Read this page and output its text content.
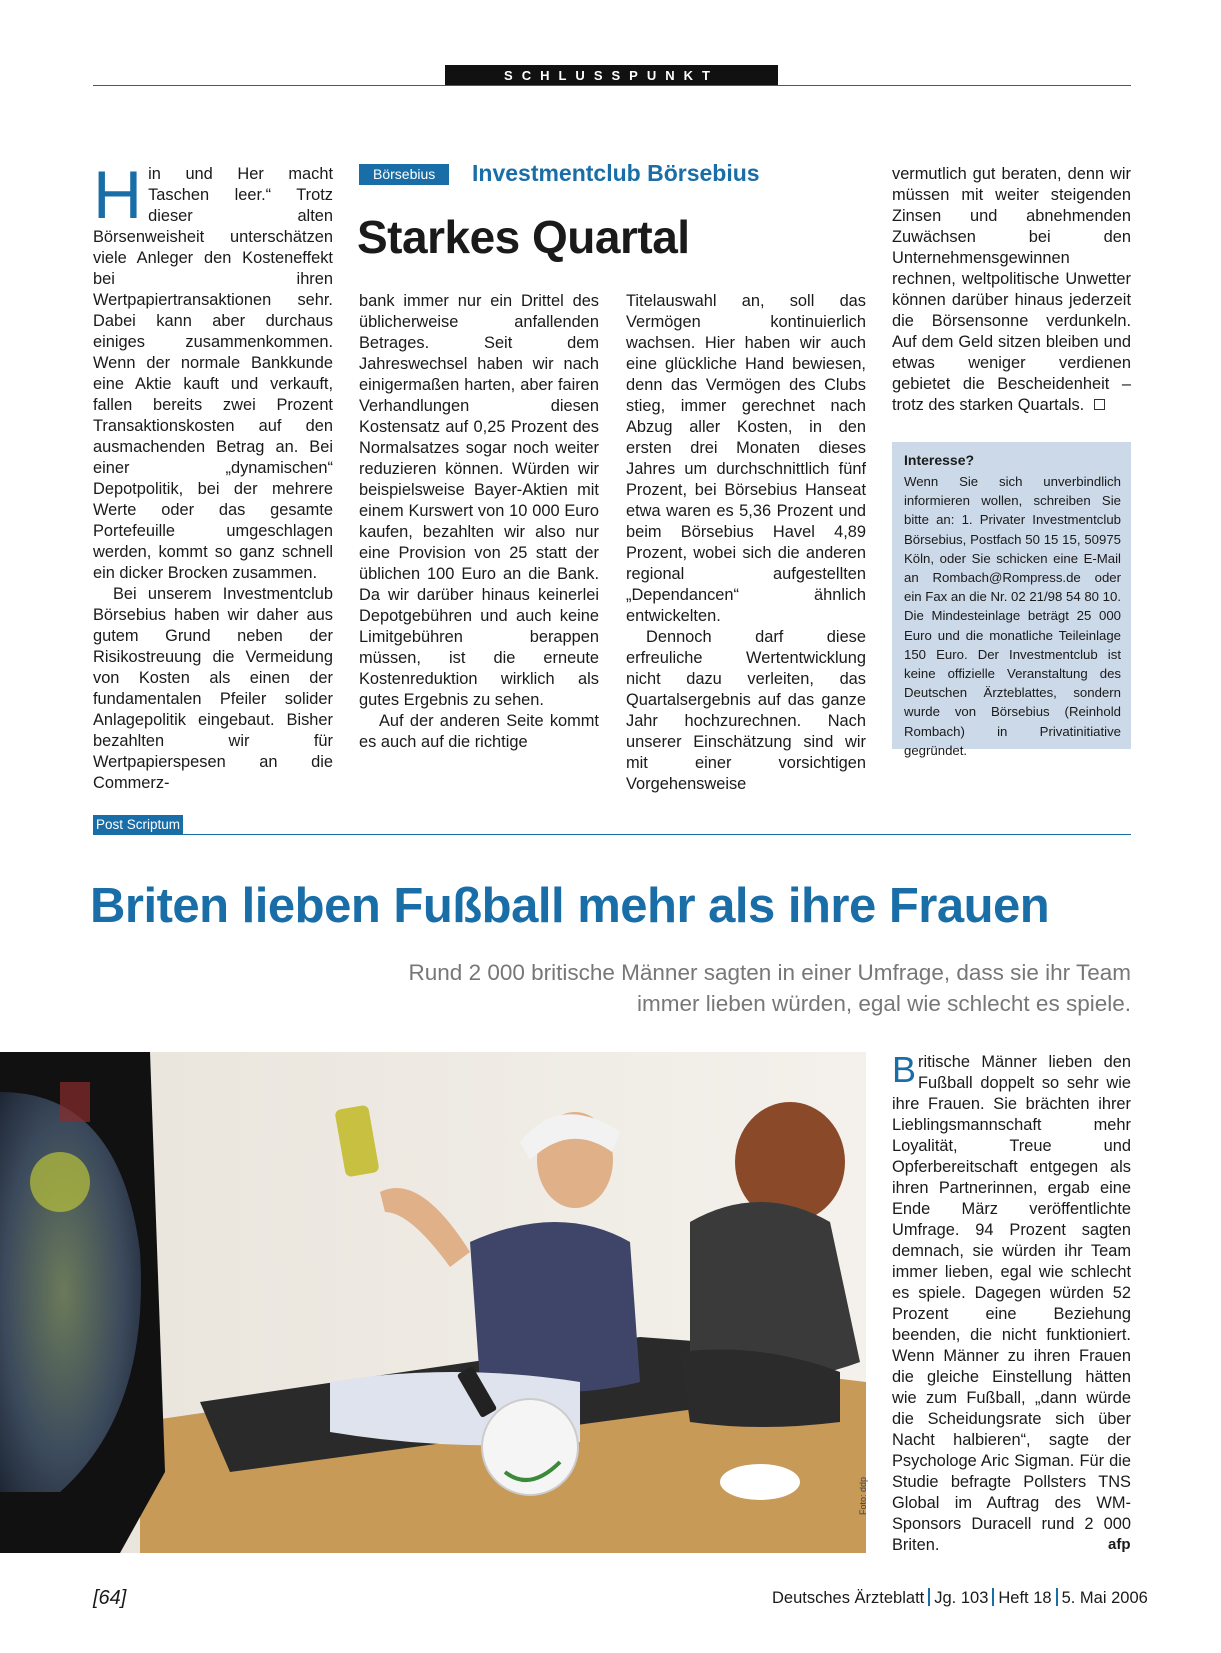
SCHLUSSPUNKT

Hin und Her macht Taschen leer.“ Trotz dieser alten Börsenweisheit unterschätzen viele Anleger den Kosteneffekt bei ihren Wertpapiertransaktionen sehr. Dabei kann aber durchaus einiges zusammenkommen. Wenn der normale Bankkunde eine Aktie kauft und verkauft, fallen bereits zwei Prozent Transaktionskosten auf den ausmachenden Betrag an. Bei einer „dynamischen“ Depotpolitik, bei der mehrere Werte oder das gesamte Portefeuille umgeschlagen werden, kommt so ganz schnell ein dicker Brocken zusammen.

Bei unserem Investmentclub Börsebius haben wir daher aus gutem Grund neben der Risikostreuung die Vermeidung von Kosten als einen der fundamentalen Pfeiler solider Anlagepolitik eingebaut. Bisher bezahlten wir für Wertpapierspesen an die Commerz-

Börsebius	Investmentclub Börsebius
Starkes Quartal

bank immer nur ein Drittel des üblicherweise anfallenden Betrages. Seit dem Jahreswechsel haben wir nach einigermaßen harten, aber fairen Verhandlungen diesen Kostensatz auf 0,25 Prozent des Normalsatzes sogar noch weiter reduzieren können. Würden wir beispielsweise Bayer-Aktien mit einem Kurswert von 10 000 Euro kaufen, bezahlten wir also nur eine Provision von 25 statt der üblichen 100 Euro an die Bank. Da wir darüber hinaus keinerlei Depotgebühren und auch keine Limitgebühren berappen müssen, ist die erneute Kostenreduktion wirklich als gutes Ergebnis zu sehen.

Auf der anderen Seite kommt es auch auf die richtige

Titelauswahl an, soll das Vermögen kontinuierlich wachsen. Hier haben wir auch eine glückliche Hand bewiesen, denn das Vermögen des Clubs stieg, immer gerechnet nach Abzug aller Kosten, in den ersten drei Monaten dieses Jahres um durchschnittlich fünf Prozent, bei Börsebius Hanseat etwa waren es 5,36 Prozent und beim Börsebius Havel 4,89 Prozent, wobei sich die anderen regional aufgestellten „Dependancen“ ähnlich entwickelten.

Dennoch darf diese erfreuliche Wertentwicklung nicht dazu verleiten, das Quartalsergebnis auf das ganze Jahr hochzurechnen. Nach unserer Einschätzung sind wir mit einer vorsichtigen Vorgehensweise

vermutlich gut beraten, denn wir müssen mit weiter steigenden Zinsen und abnehmenden Zuwächsen bei den Unternehmensgewinnen rechnen, weltpolitische Unwetter können darüber hinaus jederzeit die Börsensonne verdunkeln. Auf dem Geld sitzen bleiben und etwas weniger verdienen gebietet die Bescheidenheit – trotz des starken Quartals.

Interesse?
Wenn Sie sich unverbindlich informieren wollen, schreiben Sie bitte an: 1. Privater Investmentclub Börsebius, Postfach 50 15 15, 50975 Köln, oder Sie schicken eine E-Mail an Rombach@Rompress.de oder ein Fax an die Nr. 02 21/98 54 80 10. Die Mindesteinlage beträgt 25 000 Euro und die monatliche Teileinlage 150 Euro. Der Investmentclub ist keine offizielle Veranstaltung des Deutschen Ärzteblattes, sondern wurde von Börsebius (Reinhold Rombach) in Privatinitiative gegründet.
Post Scriptum
Briten lieben Fußball mehr als ihre Frauen
Rund 2 000 britische Männer sagten in einer Umfrage, dass sie ihr Team immer lieben würden, egal wie schlecht es spiele.
Foto: ddp

Britische Männer lieben den Fußball doppelt so sehr wie ihre Frauen. Sie brächten ihrer Lieblingsmannschaft mehr Loyalität, Treue und Opferbereitschaft entgegen als ihren Partnerinnen, ergab eine Ende März veröffentlichte Umfrage. 94 Prozent sagten demnach, sie würden ihr Team immer lieben, egal wie schlecht es spiele. Dagegen würden 52 Prozent eine Beziehung beenden, die nicht funktioniert. Wenn Männer zu ihren Frauen die gleiche Einstellung hätten wie zum Fußball, „dann würde die Scheidungsrate sich über Nacht halbieren“, sagte der Psychologe Aric Sigman. Für die Studie befragte Pollsters TNS Global im Auftrag des WM-Sponsors Duracell rund 2 000 Briten.	afp
[64]	Deutsches Ärzteblatt Jg. 103 Heft 18 5. Mai 2006
